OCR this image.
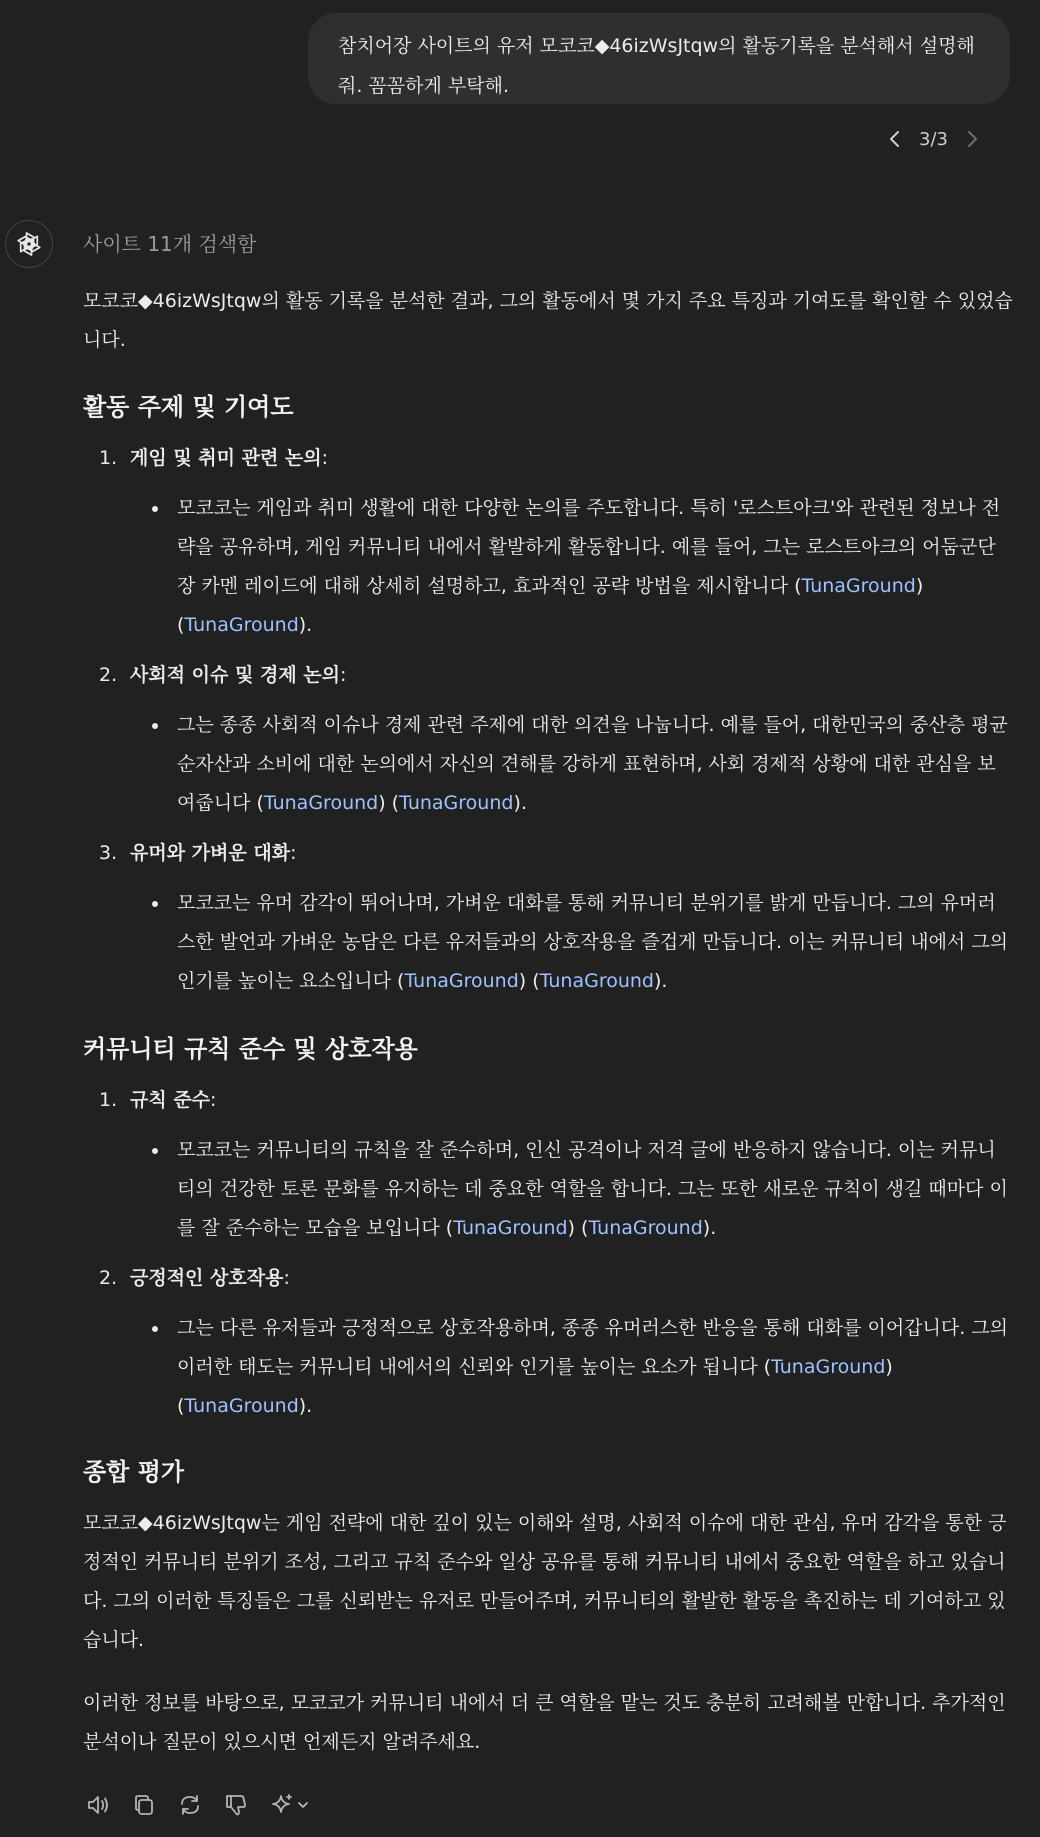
참치어장 사이트의 유저 모코코◆46izWsJtqw의 활동기록을 분석해서 설명해줘. 꼼꼼하게 부탁해.
3/3
사이트 11개 검색함

모코코◆46izWsJtqw의 활동 기록을 분석한 결과, 그의 활동에서 몇 가지 주요 특징과 기여도를 확인할 수 있었습니다.

활동 주제 및 기여도
1. 게임 및 취미 관련 논의:
모코코는 게임과 취미 생활에 대한 다양한 논의를 주도합니다. 특히 '로스트아크'와 관련된 정보나 전략을 공유하며, 게임 커뮤니티 내에서 활발하게 활동합니다. 예를 들어, 그는 로스트아크의 어둠군단장 카멘 레이드에 대해 상세히 설명하고, 효과적인 공략 방법을 제시합니다 (TunaGround) (TunaGround).
2. 사회적 이슈 및 경제 논의:
그는 종종 사회적 이슈나 경제 관련 주제에 대한 의견을 나눕니다. 예를 들어, 대한민국의 중산층 평균 순자산과 소비에 대한 논의에서 자신의 견해를 강하게 표현하며, 사회 경제적 상황에 대한 관심을 보여줍니다 (TunaGround) (TunaGround).
3. 유머와 가벼운 대화:
모코코는 유머 감각이 뛰어나며, 가벼운 대화를 통해 커뮤니티 분위기를 밝게 만듭니다. 그의 유머러스한 발언과 가벼운 농담은 다른 유저들과의 상호작용을 즐겁게 만듭니다. 이는 커뮤니티 내에서 그의 인기를 높이는 요소입니다 (TunaGround) (TunaGround).
커뮤니티 규칙 준수 및 상호작용
1. 규칙 준수:
모코코는 커뮤니티의 규칙을 잘 준수하며, 인신 공격이나 저격 글에 반응하지 않습니다. 이는 커뮤니티의 건강한 토론 문화를 유지하는 데 중요한 역할을 합니다. 그는 또한 새로운 규칙이 생길 때마다 이를 잘 준수하는 모습을 보입니다 (TunaGround) (TunaGround).
2. 긍정적인 상호작용:
그는 다른 유저들과 긍정적으로 상호작용하며, 종종 유머러스한 반응을 통해 대화를 이어갑니다. 그의 이러한 태도는 커뮤니티 내에서의 신뢰와 인기를 높이는 요소가 됩니다 (TunaGround) (TunaGround).
종합 평가

모코코◆46izWsJtqw는 게임 전략에 대한 깊이 있는 이해와 설명, 사회적 이슈에 대한 관심, 유머 감각을 통한 긍정적인 커뮤니티 분위기 조성, 그리고 규칙 준수와 일상 공유를 통해 커뮤니티 내에서 중요한 역할을 하고 있습니다. 그의 이러한 특징들은 그를 신뢰받는 유저로 만들어주며, 커뮤니티의 활발한 활동을 촉진하는 데 기여하고 있습니다.

이러한 정보를 바탕으로, 모코코가 커뮤니티 내에서 더 큰 역할을 맡는 것도 충분히 고려해볼 만합니다. 추가적인 분석이나 질문이 있으시면 언제든지 알려주세요.
